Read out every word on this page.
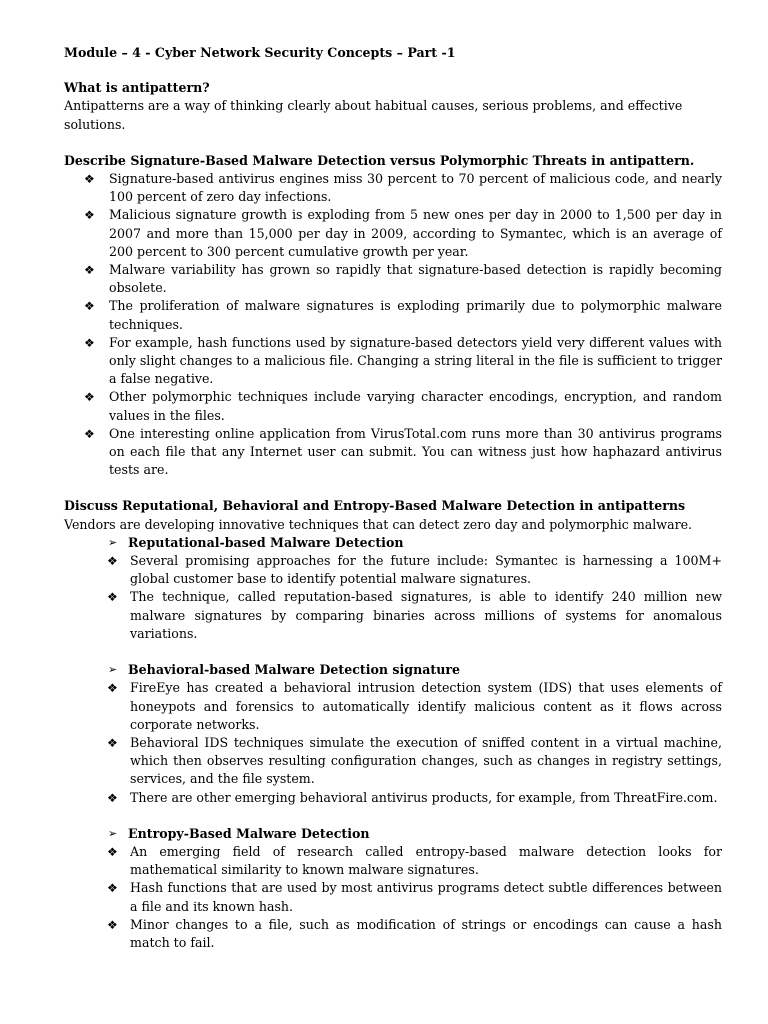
Module – 4 - Cyber Network Security Concepts – Part -1

What is antipattern?

Antipatterns are a way of thinking clearly about habitual causes, serious problems, and effective solutions.

Describe Signature-Based Malware Detection versus Polymorphic Threats in antipattern.

❖ Signature-based antivirus engines miss 30 percent to 70 percent of malicious code, and nearly 100 percent of zero day infections.
❖ Malicious signature growth is exploding from 5 new ones per day in 2000 to 1,500 per day in 2007 and more than 15,000 per day in 2009, according to Symantec, which is an average of 200 percent to 300 percent cumulative growth per year.
❖ Malware variability has grown so rapidly that signature-based detection is rapidly becoming obsolete.
❖ The proliferation of malware signatures is exploding primarily due to polymorphic malware techniques.
❖ For example, hash functions used by signature-based detectors yield very different values with only slight changes to a malicious file. Changing a string literal in the file is sufficient to trigger a false negative.
❖ Other polymorphic techniques include varying character encodings, encryption, and random values in the files.
❖ One interesting online application from VirusTotal.com runs more than 30 antivirus programs on each file that any Internet user can submit. You can witness just how haphazard antivirus tests are.

Discuss Reputational, Behavioral and Entropy-Based Malware Detection in antipatterns

Vendors are developing innovative techniques that can detect zero day and polymorphic malware.

➢ Reputational-based Malware Detection
❖ Several promising approaches for the future include: Symantec is harnessing a 100M+ global customer base to identify potential malware signatures.
❖ The technique, called reputation-based signatures, is able to identify 240 million new malware signatures by comparing binaries across millions of systems for anomalous variations.
➢ Behavioral-based Malware Detection signature
❖ FireEye has created a behavioral intrusion detection system (IDS) that uses elements of honeypots and forensics to automatically identify malicious content as it flows across corporate networks.
❖ Behavioral IDS techniques simulate the execution of sniffed content in a virtual machine, which then observes resulting configuration changes, such as changes in registry settings, services, and the file system.
❖ There are other emerging behavioral antivirus products, for example, from ThreatFire.com.
➢ Entropy-Based Malware Detection
❖ An emerging field of research called entropy-based malware detection looks for mathematical similarity to known malware signatures.
❖ Hash functions that are used by most antivirus programs detect subtle differences between a file and its known hash.
❖ Minor changes to a file, such as modification of strings or encodings can cause a hash match to fail.
